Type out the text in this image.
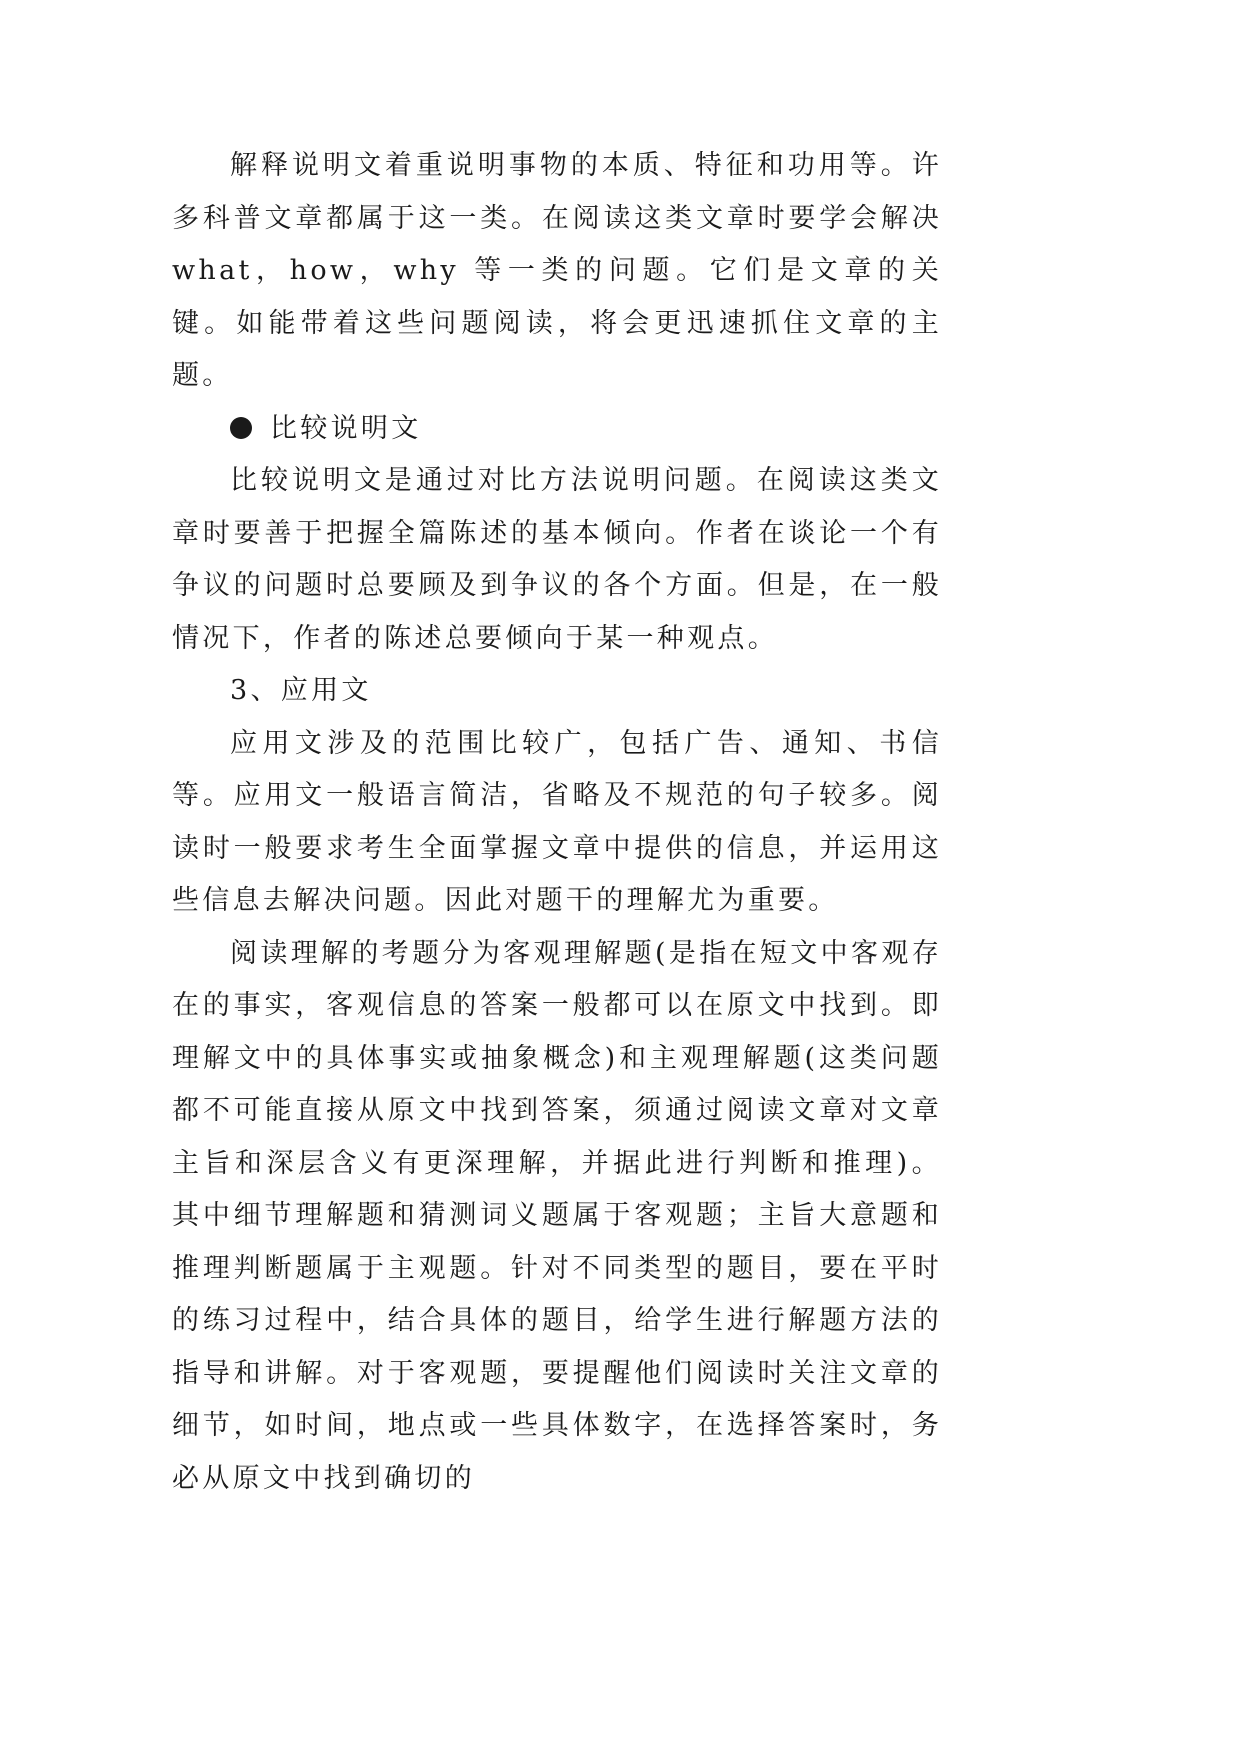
解释说明文着重说明事物的本质、特征和功用等。许多科普文章都属于这一类。在阅读这类文章时要学会解决what，how，why 等一类的问题。它们是文章的关键。如能带着这些问题阅读，将会更迅速抓住文章的主题。

比较说明文

比较说明文是通过对比方法说明问题。在阅读这类文章时要善于把握全篇陈述的基本倾向。作者在谈论一个有争议的问题时总要顾及到争议的各个方面。但是，在一般情况下，作者的陈述总要倾向于某一种观点。

3、应用文

应用文涉及的范围比较广，包括广告、通知、书信等。应用文一般语言简洁，省略及不规范的句子较多。阅读时一般要求考生全面掌握文章中提供的信息，并运用这些信息去解决问题。因此对题干的理解尤为重要。

阅读理解的考题分为客观理解题(是指在短文中客观存在的事实，客观信息的答案一般都可以在原文中找到。即理解文中的具体事实或抽象概念)和主观理解题(这类问题都不可能直接从原文中找到答案，须通过阅读文章对文章主旨和深层含义有更深理解，并据此进行判断和推理)。其中细节理解题和猜测词义题属于客观题；主旨大意题和推理判断题属于主观题。针对不同类型的题目，要在平时的练习过程中，结合具体的题目，给学生进行解题方法的指导和讲解。对于客观题，要提醒他们阅读时关注文章的细节，如时间，地点或一些具体数字，在选择答案时，务必从原文中找到确切的
